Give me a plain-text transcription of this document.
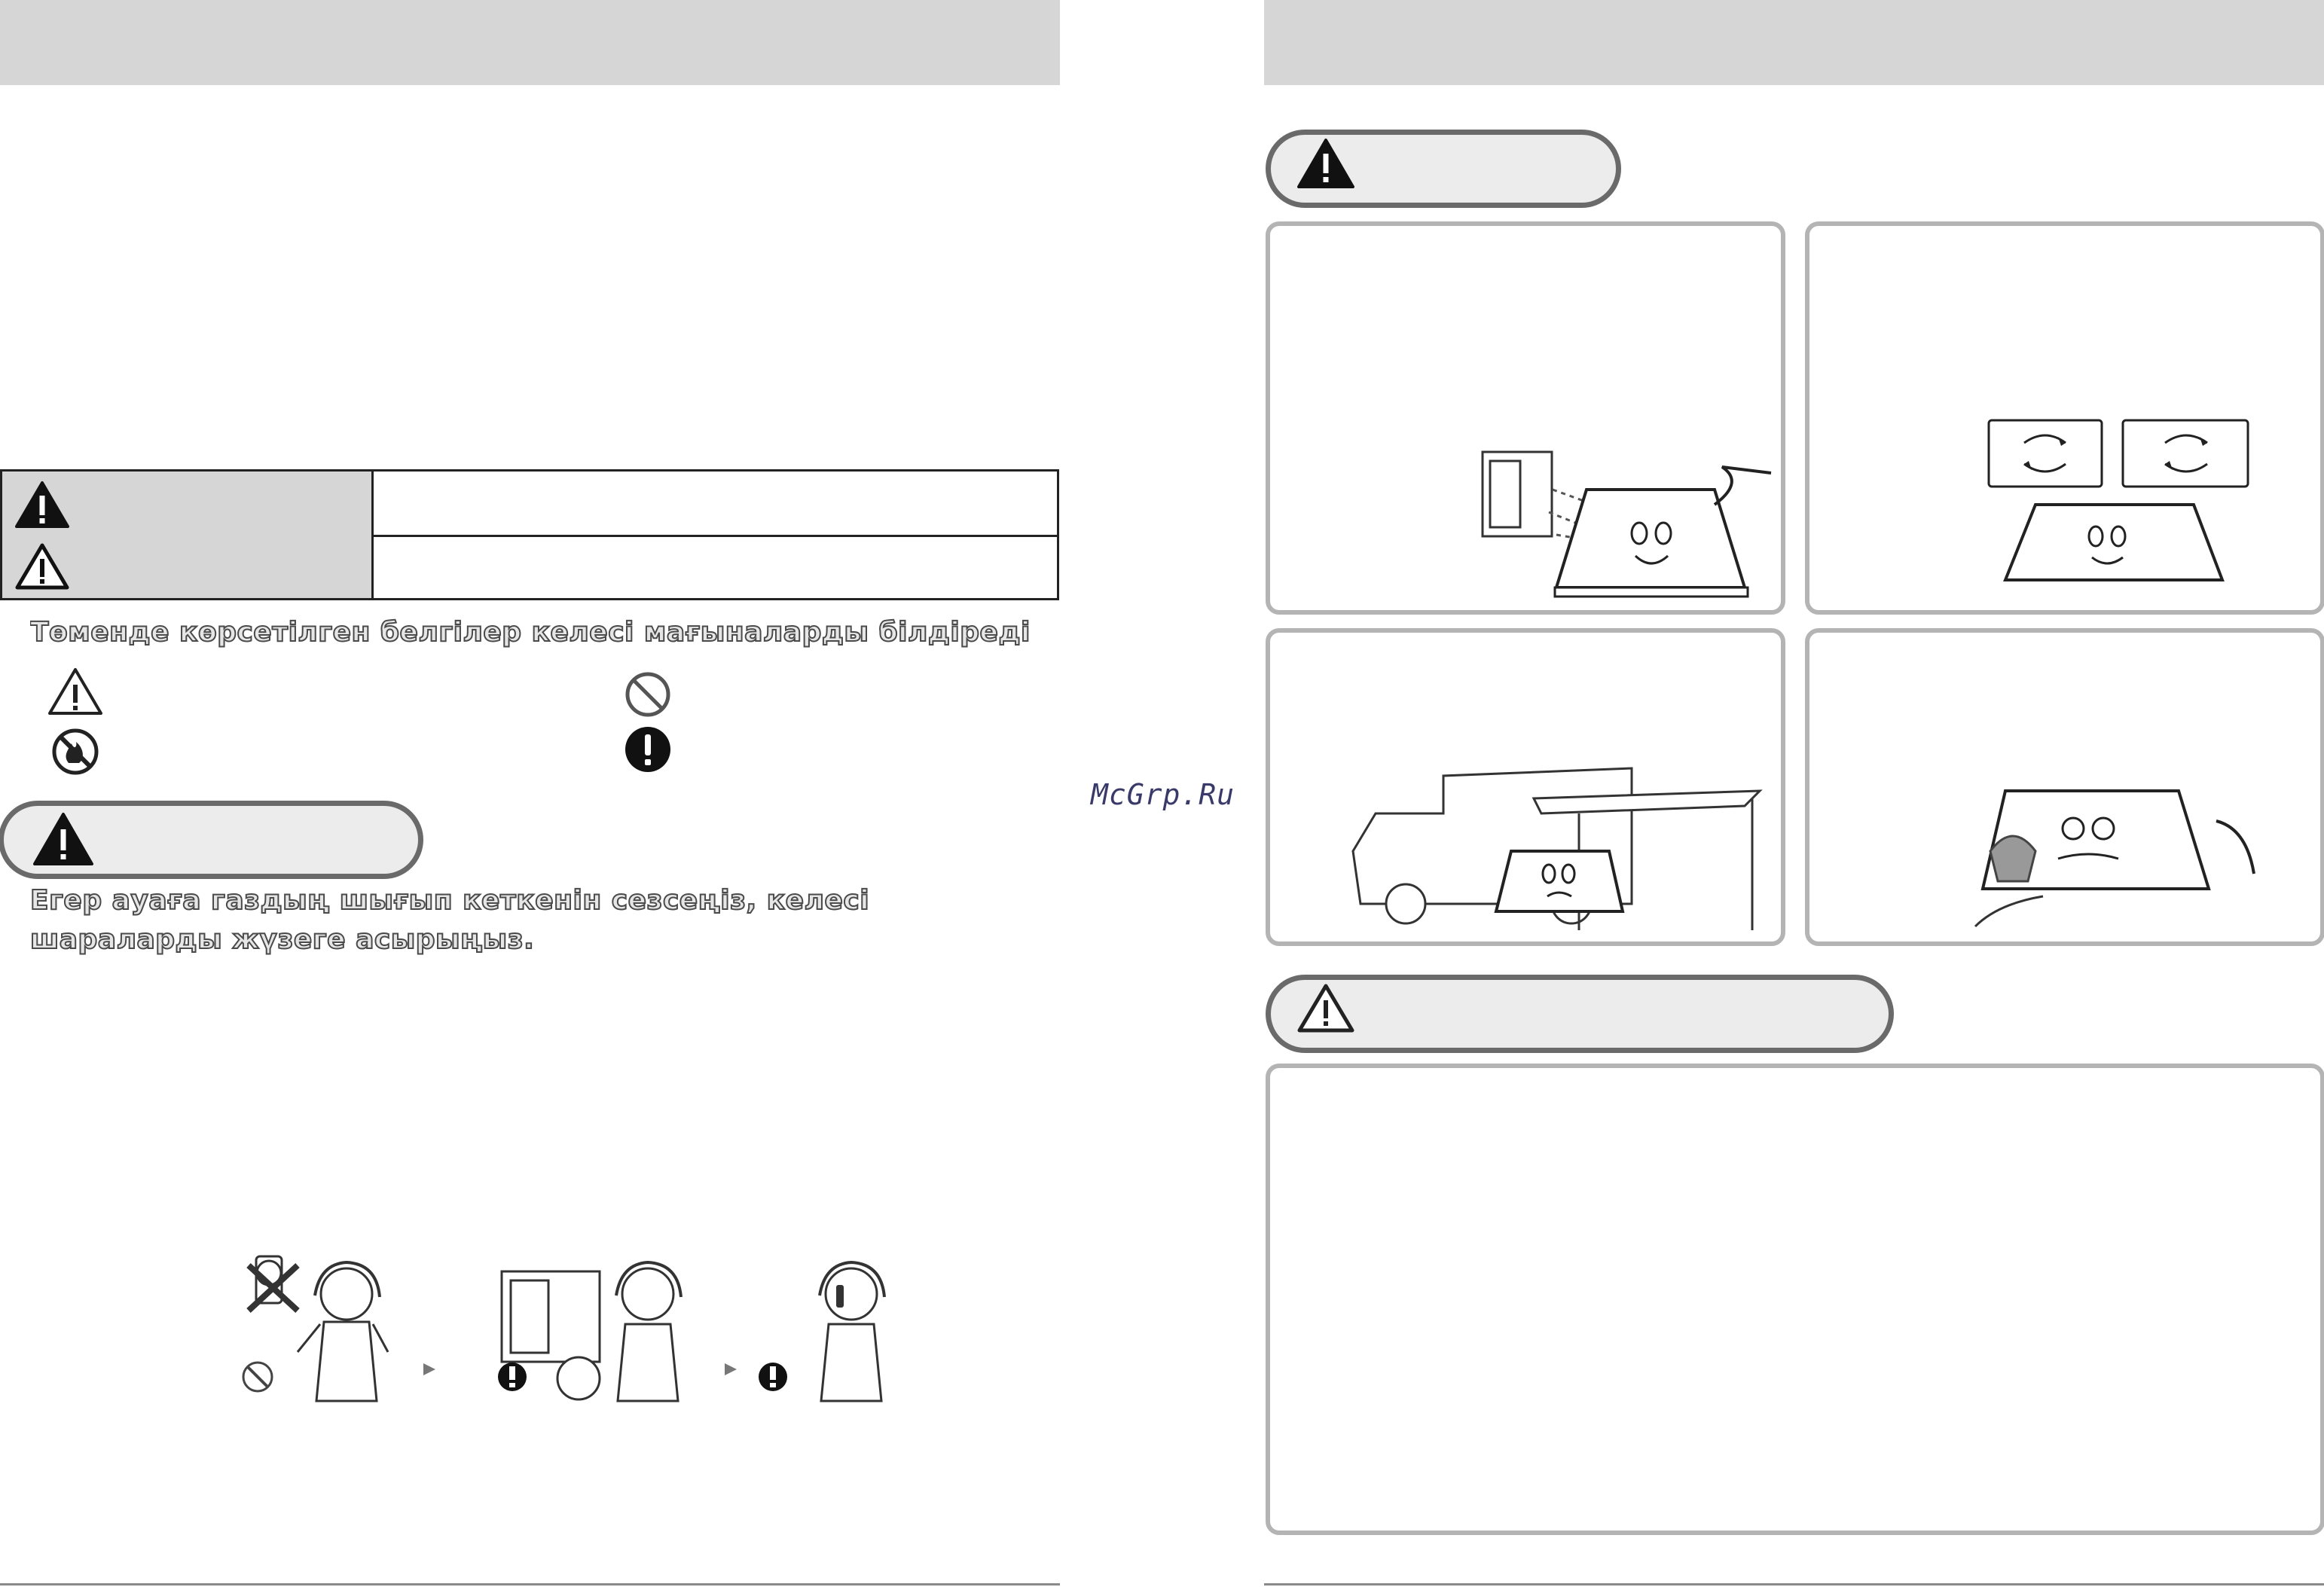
Төменде көрсетілген белгілер келесі мағыналарды білдіреді
Егер ауаға газдың шығып кеткенін сезсеңіз, келесі
шараларды жүзеге асырыңыз.
McGrp.Ru
